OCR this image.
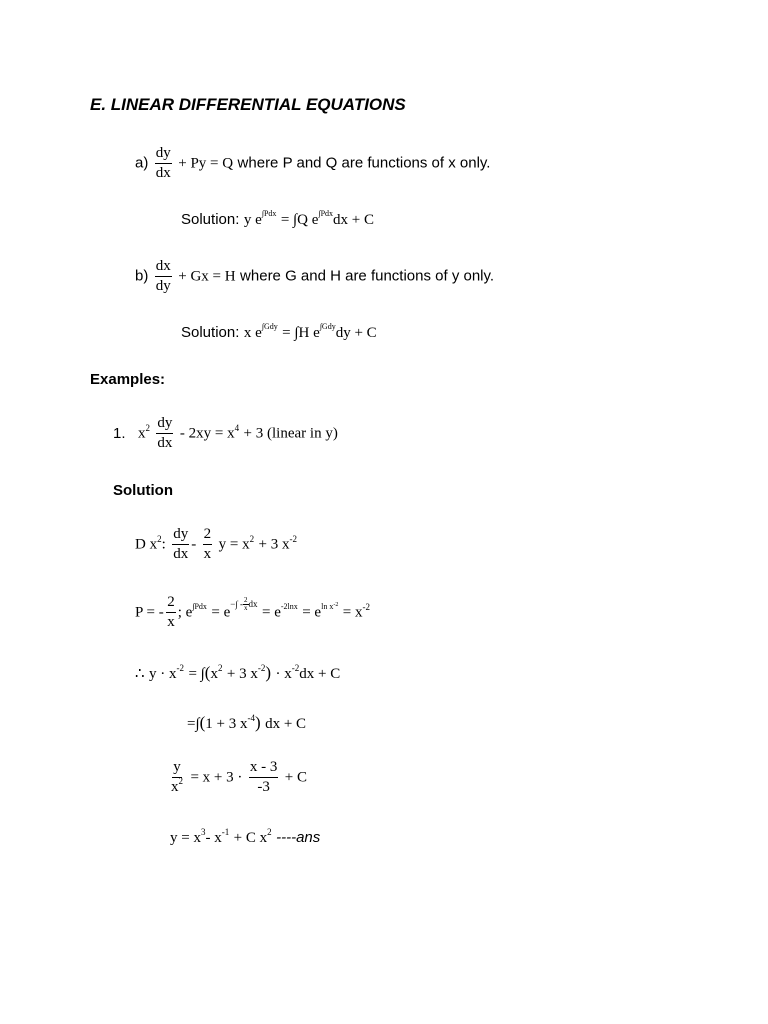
E. LINEAR DIFFERENTIAL EQUATIONS
$a) \frac{dy}{dx} + Py = Q$ where P and Q are functions of x only.
Solution: y $e^{\int Pdx} = \int Q$ $e^{\int Pdx}dx + C$
$b) \frac{dx}{dy} + Gx = H$ where G and H are functions of y only.
Solution: x $e^{\int Gdy} = \int H$ $e^{\int Gdy}dy + C$
Examples:
1. $x^2 \frac{dy}{dx} - 2xy = x^4 + 3$ (linear in y)
Solution
D $x^2$: $\frac{dy}{dx} - \frac{2}{x}$ $y = x^2 + 3$ $x^{-2}$
P = - $\frac{2}{x}$ ; $e^{\int Pdx} = e^{-\int - \frac{2}{x} dx} = e^{-2lnx} = e^{ln x-2} = x^{-2}$
∴ $y \cdot x^{-2} = \int(x^2 + 3$ $x^{-2}) \cdot x^{-2}dx + C$
=∫(1 + 3 $x^{-4}$) dx + C
$\frac{y}{x^2} = x + 3 \cdot \frac{x - 3}{-3} + C$
$y = x^3-$ $x^{-1} + C$ $x^2$ ----ans
